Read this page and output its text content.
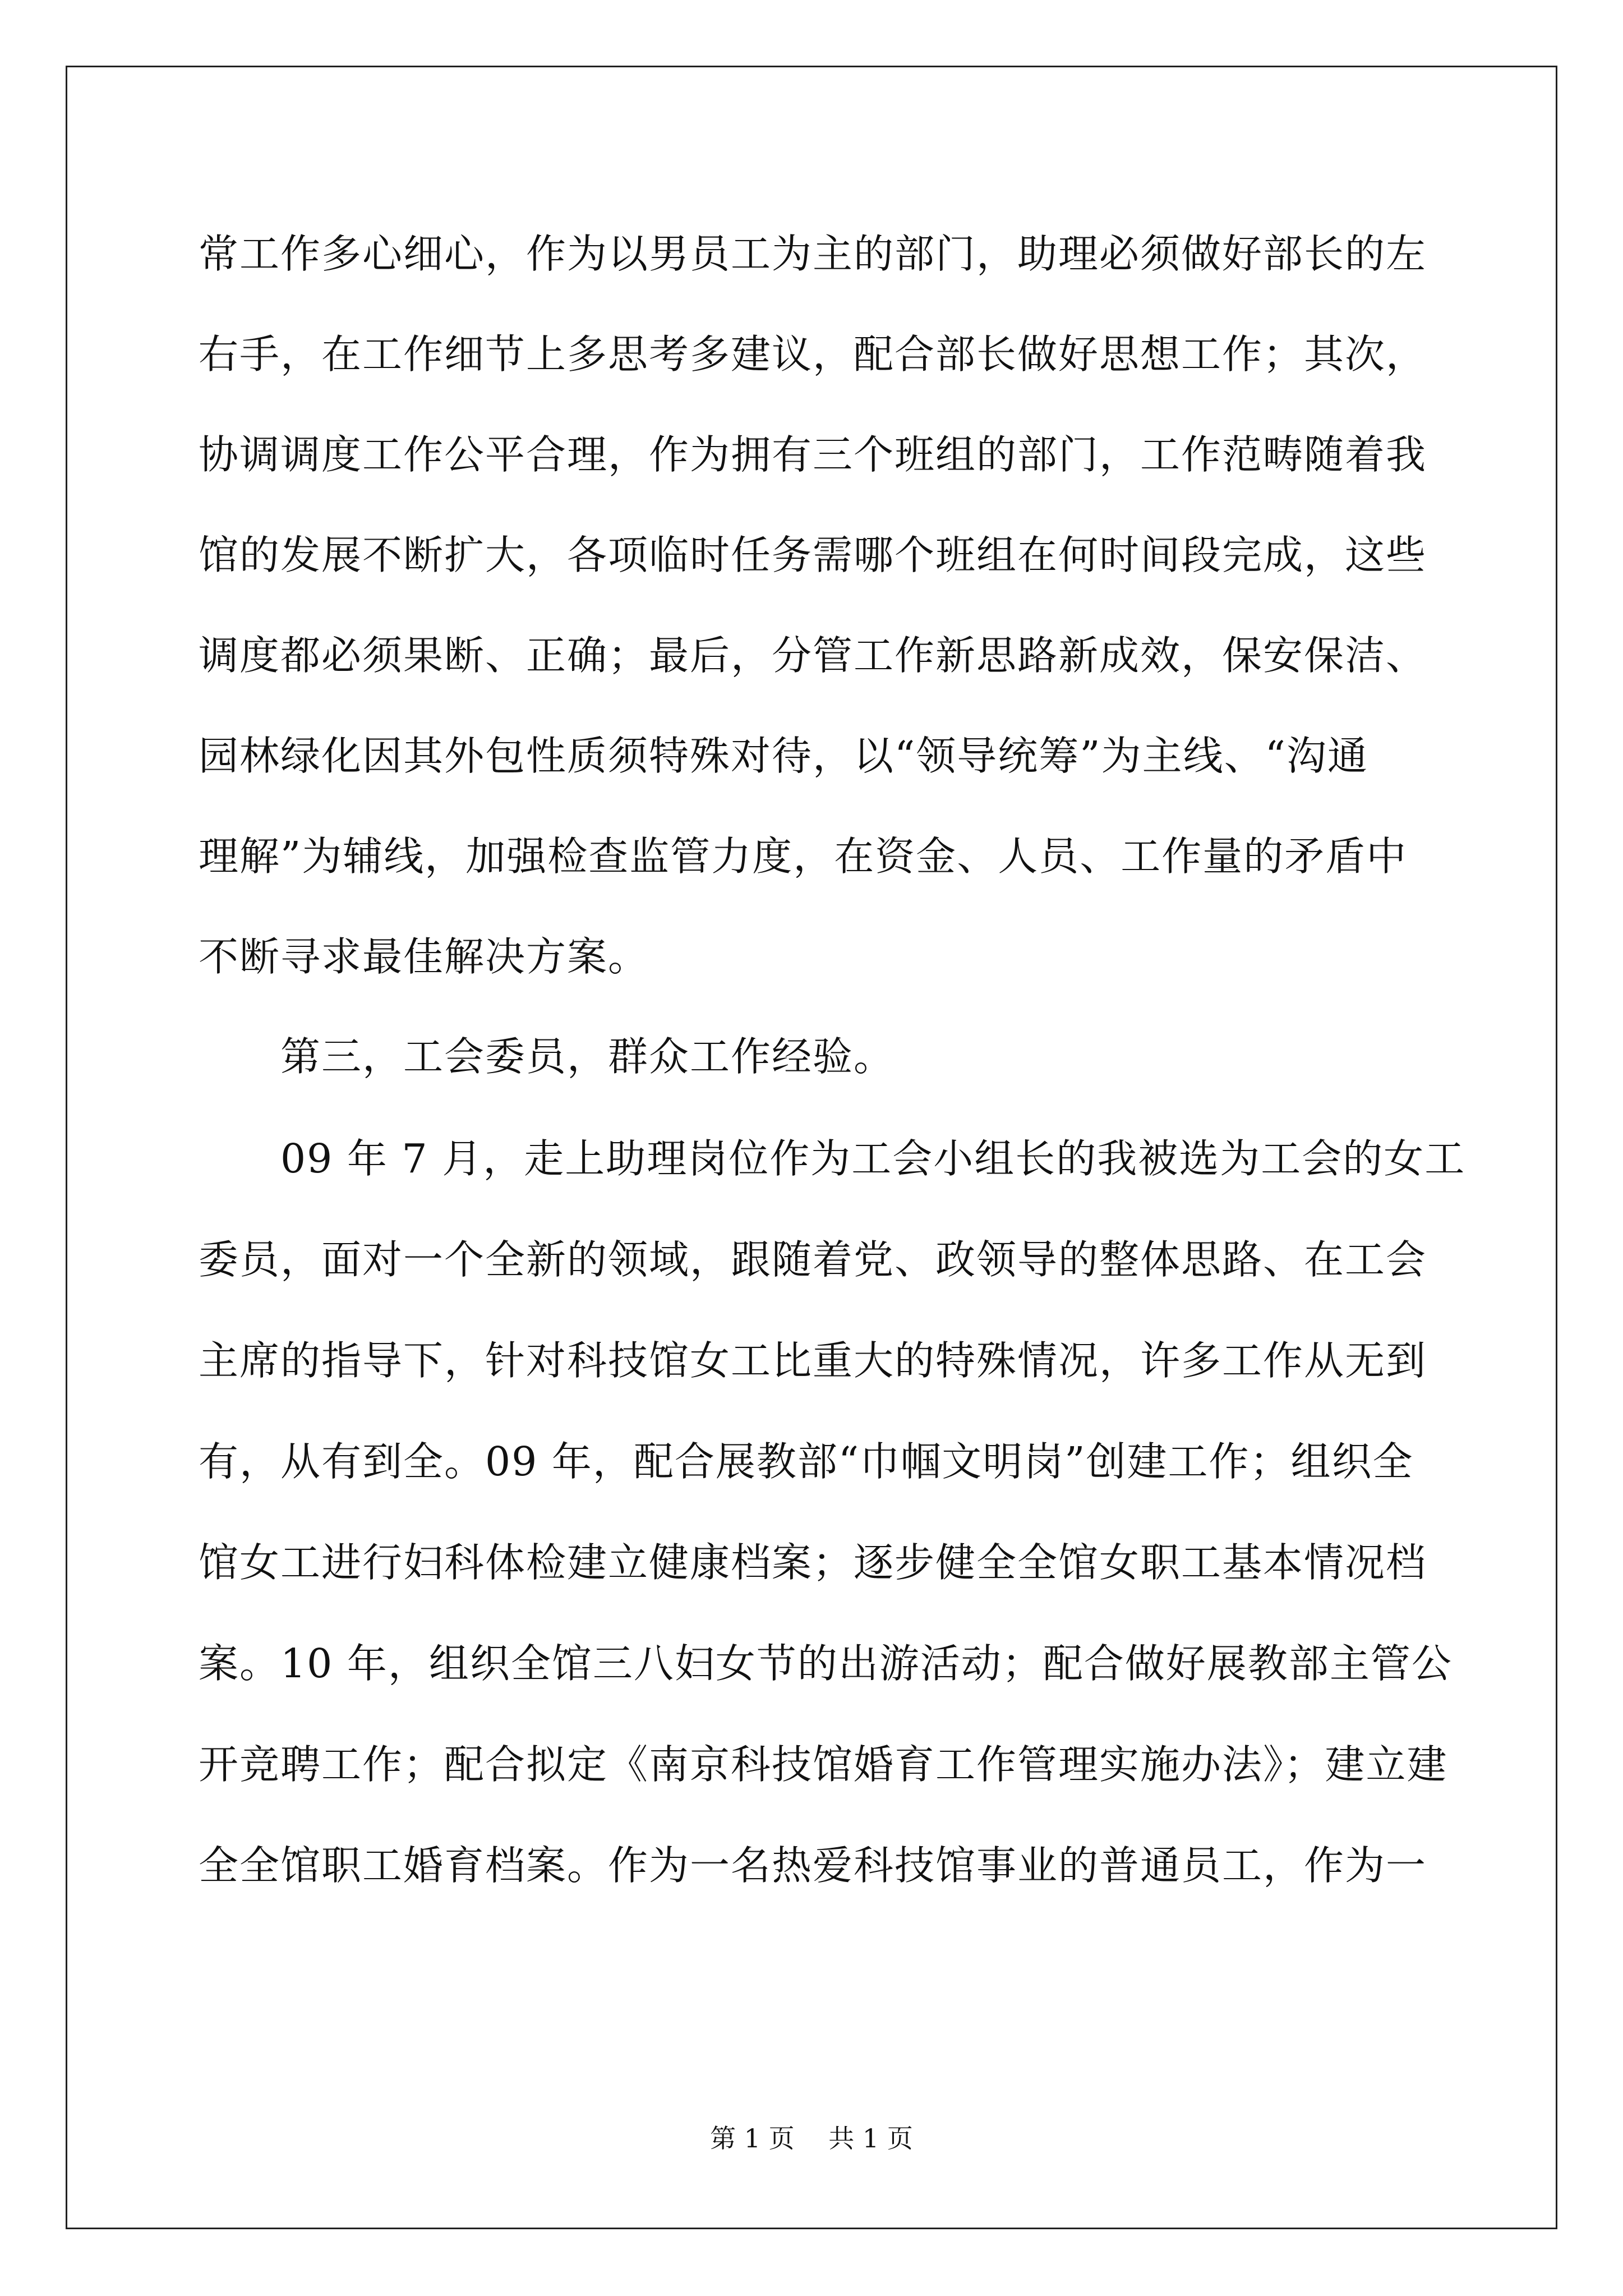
常工作多心细心，作为以男员工为主的部门，助理必须做好部长的左
右手，在工作细节上多思考多建议，配合部长做好思想工作；其次，
协调调度工作公平合理，作为拥有三个班组的部门，工作范畴随着我
馆的发展不断扩大，各项临时任务需哪个班组在何时间段完成，这些
调度都必须果断、正确；最后，分管工作新思路新成效，保安保洁、
园林绿化因其外包性质须特殊对待，以“领导统筹”为主线、“沟通
理解”为辅线，加强检查监管力度，在资金、人员、工作量的矛盾中
不断寻求最佳解决方案。
　　第三，工会委员，群众工作经验。
　　09 年 7 月，走上助理岗位作为工会小组长的我被选为工会的女工
委员，面对一个全新的领域，跟随着党、政领导的整体思路、在工会
主席的指导下，针对科技馆女工比重大的特殊情况，许多工作从无到
有，从有到全。09 年，配合展教部“巾帼文明岗”创建工作；组织全
馆女工进行妇科体检建立健康档案；逐步健全全馆女职工基本情况档
案。10 年，组织全馆三八妇女节的出游活动；配合做好展教部主管公
开竞聘工作；配合拟定《南京科技馆婚育工作管理实施办法》；建立建
全全馆职工婚育档案。作为一名热爱科技馆事业的普通员工，作为一
第 1 页　 共 1 页
